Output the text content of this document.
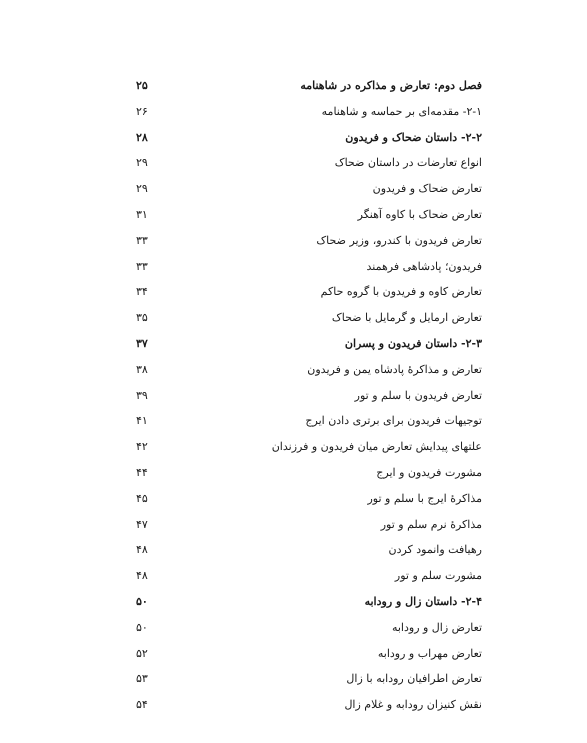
فصل دوم: تعارض و مذاکره در شاهنامه
۲۵
۲-۱- مقدمه‌ای بر حماسه و شاهنامه
۲۶
۲-۲- داستان ضحاک و فریدون
۲۸
انواع تعارضات در داستان ضحاک
۲۹
تعارض ضحاک و فریدون
۲۹
تعارض ضحاک با کاوه آهنگر
۳۱
تعارض فریدون با کندرو، وزیر ضحاک
۳۳
فریدون؛ پادشاهی فرهمند
۳۳
تعارض کاوه و فریدون با گروه حاکم
۳۴
تعارض ارمایل و گرمایل با ضحاک
۳۵
۲-۳- داستان فریدون و پسران
۳۷
تعارض و مذاکرۀ پادشاه یمن و فریدون
۳۸
تعارض فریدون با سلم و تور
۳۹
توجیهات فریدون برای برتری دادن ایرج
۴۱
علتهای پیدایش تعارض میان فریدون و فرزندان
۴۲
مشورت فریدون و ایرج
۴۴
مذاکرۀ ایرج با سلم و تور
۴۵
مذاکرۀ نرم سلم و تور
۴۷
رهیافت وانمود کردن
۴۸
مشورت سلم و تور
۴۸
۲-۴- داستان زال و رودابه
۵۰
تعارض زال و رودابه
۵۰
تعارض مهراب و رودابه
۵۲
تعارض اطرافیان رودابه با زال
۵۳
نقش کنیزان رودابه و غلام زال
۵۴
